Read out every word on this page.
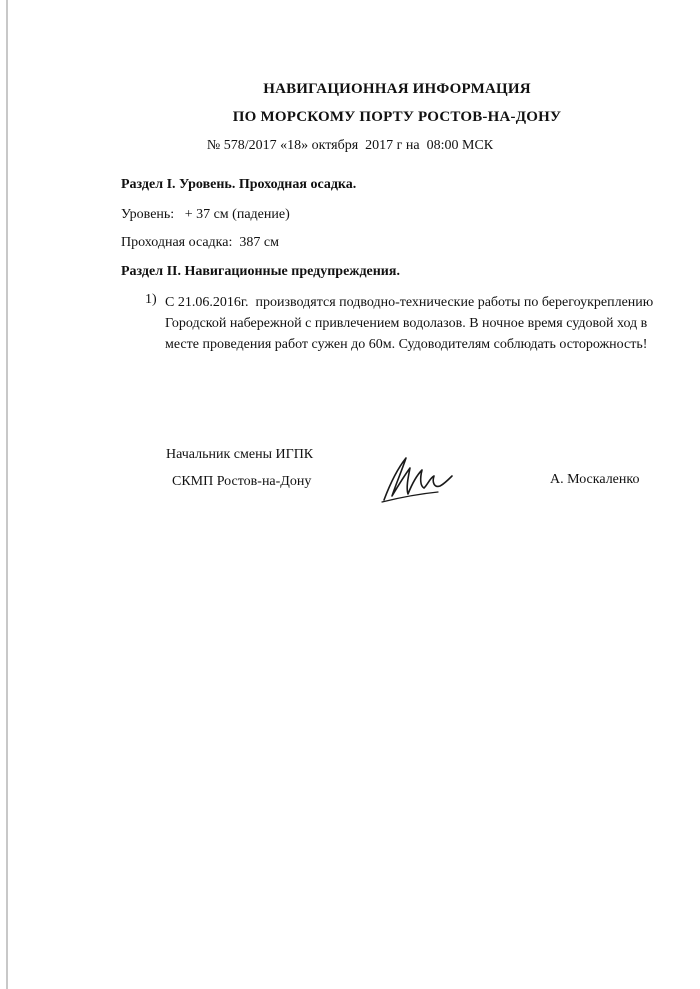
НАВИГАЦИОННАЯ ИНФОРМАЦИЯ
ПО МОРСКОМУ ПОРТУ РОСТОВ-НА-ДОНУ
№ 578/2017 «18» октября  2017 г на  08:00 МСК
Раздел I. Уровень. Проходная осадка.
Уровень:   + 37 см (падение)
Проходная осадка:  387 см
Раздел II. Навигационные предупреждения.
1) С 21.06.2016г.  производятся подводно-технические работы по берегоукреплению
Городской набережной с привлечением водолазов. В ночное время судовой ход в
месте проведения работ сужен до 60м. Судоводителям соблюдать осторожность!
Начальник смены ИГПК
СКМП Ростов-на-Дону	А. Москаленко
